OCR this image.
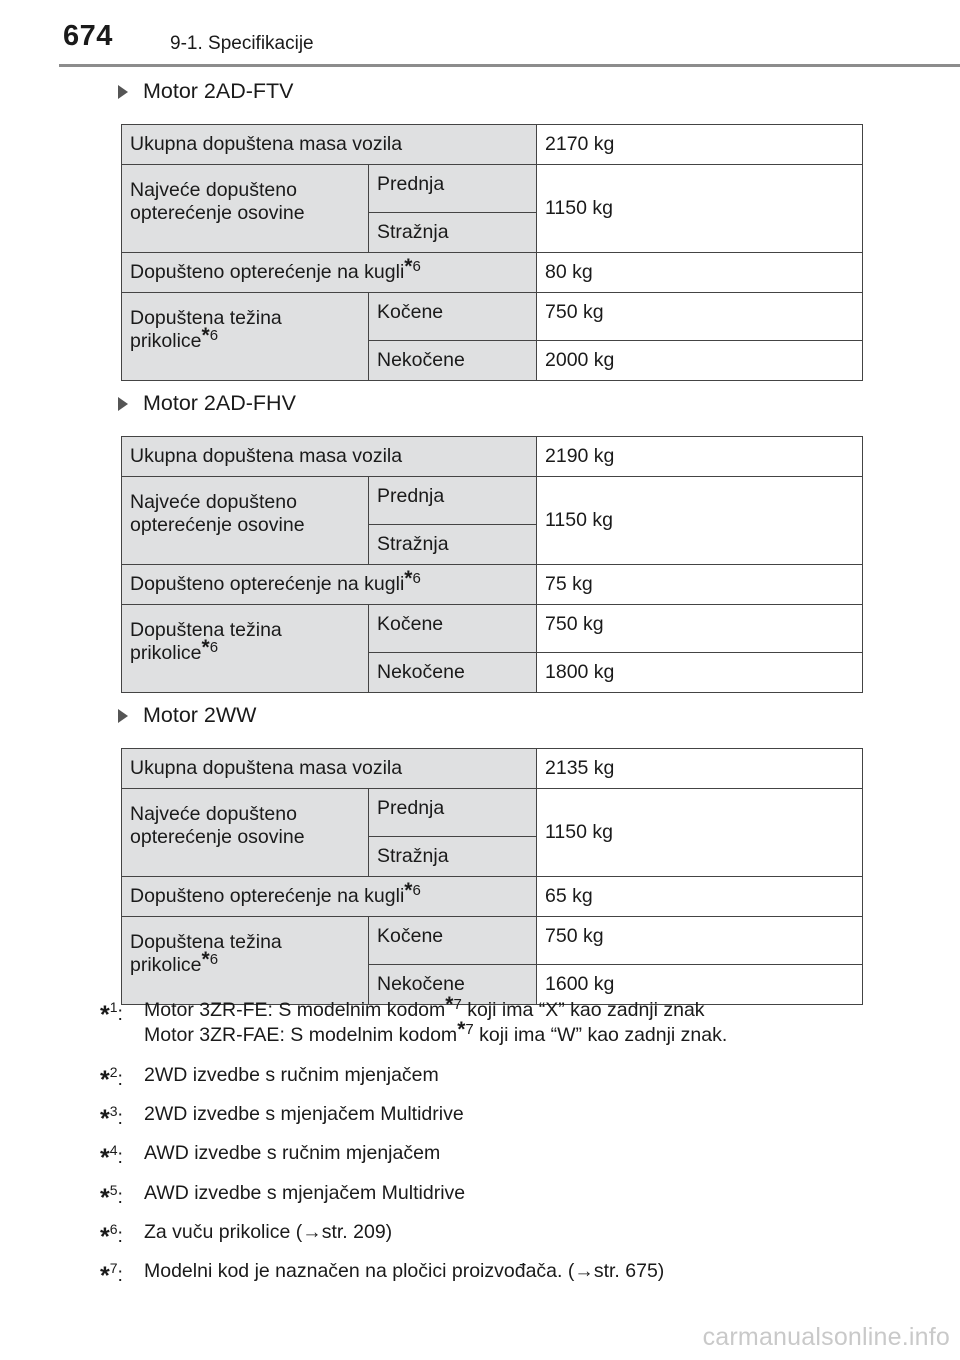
674	9-1. Specifikacije
Motor 2AD-FTV
Ukupna dopuštena masa vozila		2170 kg
Najveće dopušteno opterećenje osovine	Prednja	1150 kg
	Stražnja	
Dopušteno opterećenje na kugli$^{*6}$		80 kg
Dopuštena težina prikolice$^{*6}$	Kočene	750 kg
	Nekočene	2000 kg
Motor 2AD-FHV
Ukupna dopuštena masa vozila		2190 kg
Najveće dopušteno opterećenje osovine	Prednja	1150 kg
	Stražnja	
Dopušteno opterećenje na kugli$^{*6}$		75 kg
Dopuštena težina prikolice$^{*6}$	Kočene	750 kg
	Nekočene	1800 kg
Motor 2WW
Ukupna dopuštena masa vozila		2135 kg
Najveće dopušteno opterećenje osovine	Prednja	1150 kg
	Stražnja	
Dopušteno opterećenje na kugli$^{*6}$		65 kg
Dopuštena težina prikolice$^{*6}$	Kočene	750 kg
	Nekočene	1600 kg
*$^1$: Motor 3ZR-FE: S modelnim kodom$^{*7}$ koji ima “X” kao zadnji znak
Motor 3ZR-FAE: S modelnim kodom$^{*7}$ koji ima “W” kao zadnji znak.
*$^2$: 2WD izvedbe s ručnim mjenjačem
*$^3$: 2WD izvedbe s mjenjačem Multidrive
*$^4$: AWD izvedbe s ručnim mjenjačem
*$^5$: AWD izvedbe s mjenjačem Multidrive
*$^6$: Za vuču prikolice (→str. 209)
*$^7$: Modelni kod je naznačen na pločici proizvođača. (→str. 675)
carmanualsonline.info
